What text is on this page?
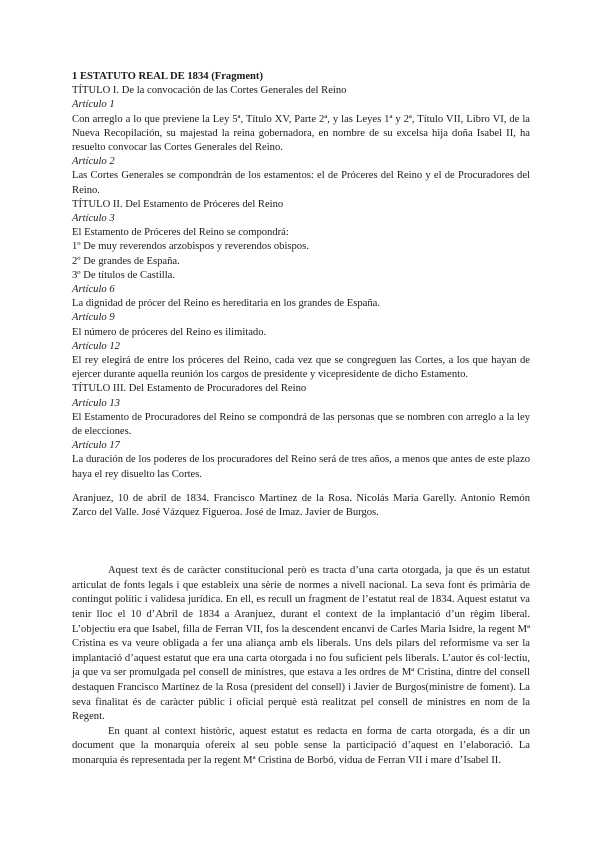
1 ESTATUTO REAL DE 1834 (Fragment)

TÍTULO I. De la convocación de las Cortes Generales del Reino

Artículo 1

Con arreglo a lo que previene la Ley 5ª, Título XV, Parte 2ª, y las Leyes 1ª y 2ª, Título VII, Libro VI, de la Nueva Recopilación, su majestad la reina gobernadora, en nombre de su excelsa hija doña Isabel II, ha resuelto convocar las Cortes Generales del Reino.

Artículo 2

Las Cortes Generales se compondrán de los estamentos: el de Próceres del Reino y el de Procuradores del Reino.

TÍTULO II. Del Estamento de Próceres del Reino

Artículo 3

El Estamento de Próceres del Reino se compondrá:

1º De muy reverendos arzobispos y reverendos obispos.

2º De grandes de España.

3º De títulos de Castilla.

Artículo 6

La dignidad de prócer del Reino es hereditaria en los grandes de España.

Artículo 9

El número de próceres del Reino es ilimitado.

Artículo 12

El rey elegirá de entre los próceres del Reino, cada vez que se congreguen las Cortes, a los que hayan de ejercer durante aquella reunión los cargos de presidente y vicepresidente de dicho Estamento.

TÍTULO III. Del Estamento de Procuradores del Reino

Artículo 13

El Estamento de Procuradores del Reino se compondrá de las personas que se nombren con arreglo a la ley de elecciones.

Artículo 17

La duración de los poderes de los procuradores del Reino será de tres años, a menos que antes de este plazo haya el rey disuelto las Cortes.

Aranjuez, 10 de abril de 1834. Francisco Martínez de la Rosa. Nicolás María Garelly. Antonio Remón Zarco del Valle. José Vázquez Figueroa. José de Imaz. Javier de Burgos.

Aquest text és de caràcter constitucional però es tracta d’una carta otorgada, ja que és un estatut articulat de fonts legals i que estableix una sèrie de normes a nivell nacional. La seva font és primària de contingut polític i validesa jurídica. En ell, es recull un fragment de l’estatut real de 1834. Aquest estatut va tenir lloc el 10 d’Abril de 1834 a Aranjuez, durant el context de la implantació d’un règim liberal. L’objectiu era que Isabel, filla de Ferran VII, fos la descendent encanvi de Carles Maria Isidre, la regent Mª Cristina es va veure obligada a fer una aliança amb els liberals. Uns dels pilars del reformisme va ser la implantació d’aquest estatut que era una carta otorgada i no fou suficient pels liberals. L’autor és col·lectiu, ja que va ser promulgada pel consell de ministres, que estava a les ordres de Mª Cristina, dintre del consell destaquen Francisco Martínez de la Rosa (president del consell) i Javier de Burgos(ministre de foment). La seva finalitat és de caràcter públic i oficial perquè està realitzat pel consell de ministres en nom de la Regent.

En quant al context històric, aquest estatut es redacta en forma de carta otorgada, és a dir un document que la monarquia ofereix al seu poble sense la participació d’aquest en l’elaboració. La monarquia és representada per la regent Mª Cristina de Borbó, vidua de Ferran VII i mare d’Isabel II.
